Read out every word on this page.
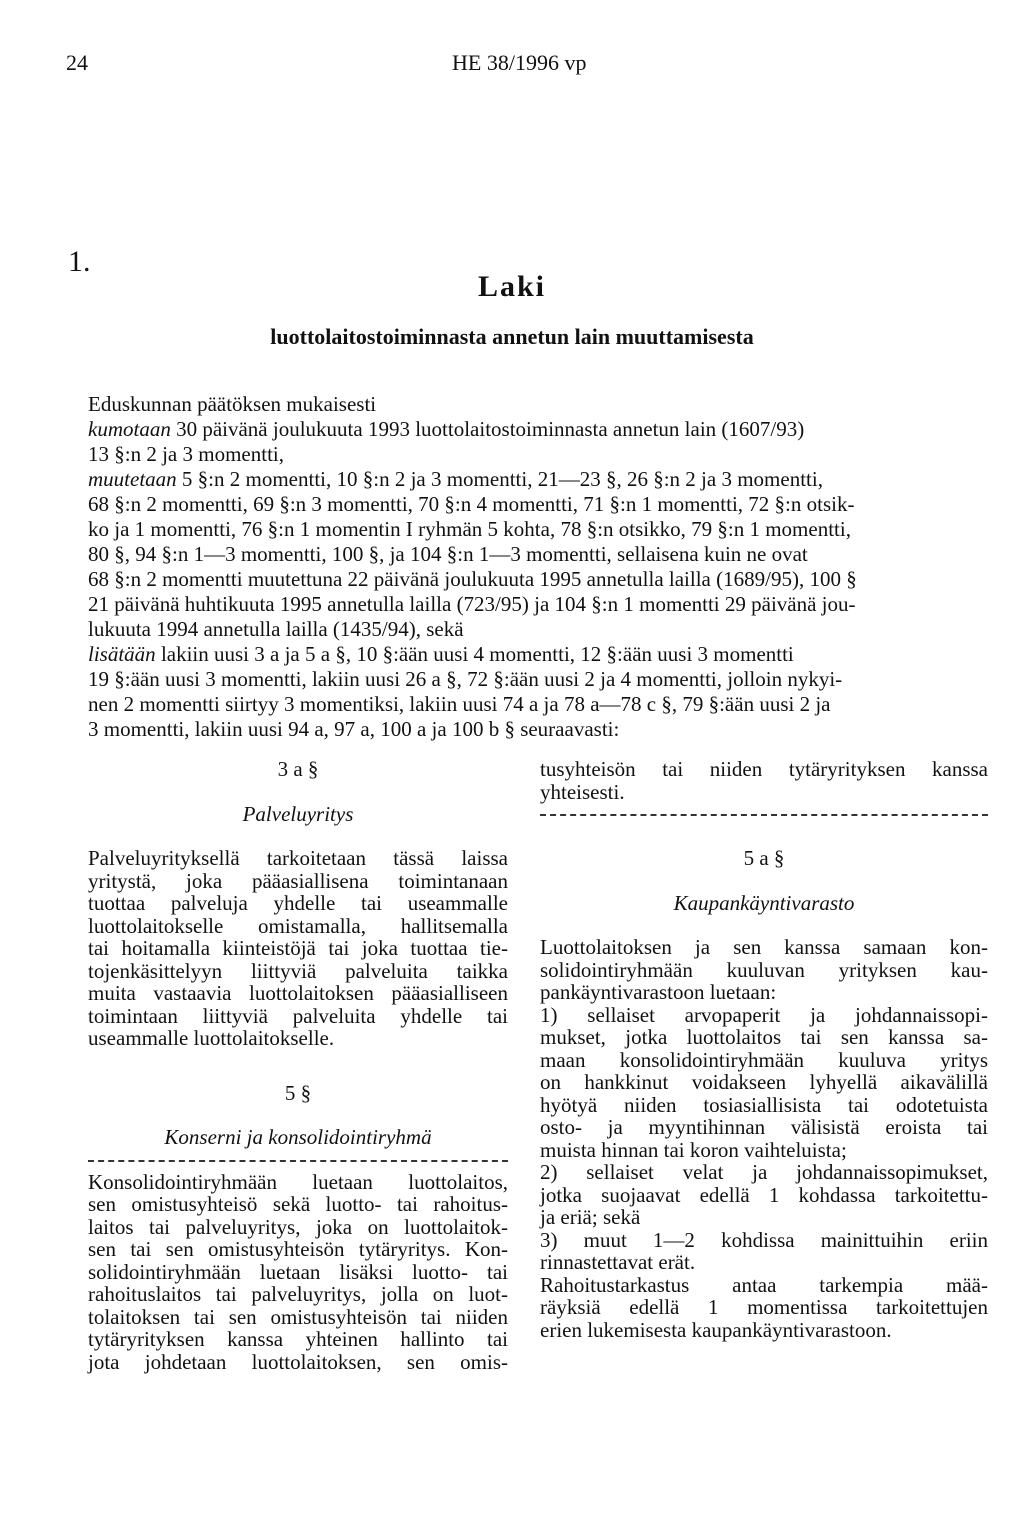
24	HE 38/1996 vp
1.
Laki
luottolaitostoiminnasta annetun lain muuttamisesta
Eduskunnan päätöksen mukaisesti
kumotaan 30 päivänä joulukuuta 1993 luottolaitostoiminnasta annetun lain (1607/93)
13 §:n 2 ja 3 momentti,
muutetaan 5 §:n 2 momentti, 10 §:n 2 ja 3 momentti, 21—23 §, 26 §:n 2 ja 3 momentti,
68 §:n 2 momentti, 69 §:n 3 momentti, 70 §:n 4 momentti, 71 §:n 1 momentti, 72 §:n otsik-
ko ja 1 momentti, 76 §:n 1 momentin I ryhmän 5 kohta, 78 §:n otsikko, 79 §:n 1 momentti,
80 §, 94 §:n 1—3 momentti, 100 §, ja 104 §:n 1—3 momentti, sellaisena kuin ne ovat
68 §:n 2 momentti muutettuna 22 päivänä joulukuuta 1995 annetulla lailla (1689/95), 100 §
21 päivänä huhtikuuta 1995 annetulla lailla (723/95) ja 104 §:n 1 momentti 29 päivänä jou-
lukuuta 1994 annetulla lailla (1435/94), sekä
lisätään lakiin uusi 3 a ja 5 a §, 10 §:ään uusi 4 momentti, 12 §:ään uusi 3 momentti
19 §:ään uusi 3 momentti, lakiin uusi 26 a §, 72 §:ään uusi 2 ja 4 momentti, jolloin nykyi-
nen 2 momentti siirtyy 3 momentiksi, lakiin uusi 74 a ja 78 a—78 c §, 79 §:ään uusi 2 ja
3 momentti, lakiin uusi 94 a, 97 a, 100 a ja 100 b § seuraavasti:
3 a §
Palveluyritys
Palveluyrityksellä tarkoitetaan tässä laissa
yritystä, joka pääasiallisena toimintanaan
tuottaa palveluja yhdelle tai useammalle
luottolaitokselle omistamalla, hallitsemalla
tai hoitamalla kiinteistöjä tai joka tuottaa tie-
tojenkäsittelyyn liittyviä palveluita taikka
muita vastaavia luottolaitoksen pääasialliseen
toimintaan liittyviä palveluita yhdelle tai
useammalle luottolaitokselle.
5 §
Konserni ja konsolidointiryhmä
Konsolidointiryhmään luetaan luottolaitos,
sen omistusyhteisö sekä luotto- tai rahoitus-
laitos tai palveluyritys, joka on luottolaitok-
sen tai sen omistusyhteisön tytäryritys. Kon-
solidointiryhmään luetaan lisäksi luotto- tai
rahoituslaitos tai palveluyritys, jolla on luot-
tolaitoksen tai sen omistusyhteisön tai niiden
tytäryrityksen kanssa yhteinen hallinto tai
jota johdetaan luottolaitoksen, sen omis-
tusyhteisön tai niiden tytäryrityksen kanssa
yhteisesti.
5 a §
Kaupankäyntivarasto
Luottolaitoksen ja sen kanssa samaan kon-
solidointiryhmään kuuluvan yrityksen kau-
pankäyntivarastoon luetaan:
1) sellaiset arvopaperit ja johdannaissopi-
mukset, jotka luottolaitos tai sen kanssa sa-
maan konsolidointiryhmään kuuluva yritys
on hankkinut voidakseen lyhyellä aikavälillä
hyötyä niiden tosiasiallisista tai odotetuista
osto- ja myyntihinnan välisistä eroista tai
muista hinnan tai koron vaihteluista;
2) sellaiset velat ja johdannaissopimukset,
jotka suojaavat edellä 1 kohdassa tarkoitettu-
ja eriä; sekä
3) muut 1—2 kohdissa mainittuihin eriin
rinnastettavat erät.
Rahoitustarkastus antaa tarkempia mää-
räyksiä edellä 1 momentissa tarkoitettujen
erien lukemisesta kaupankäyntivarastoon.
